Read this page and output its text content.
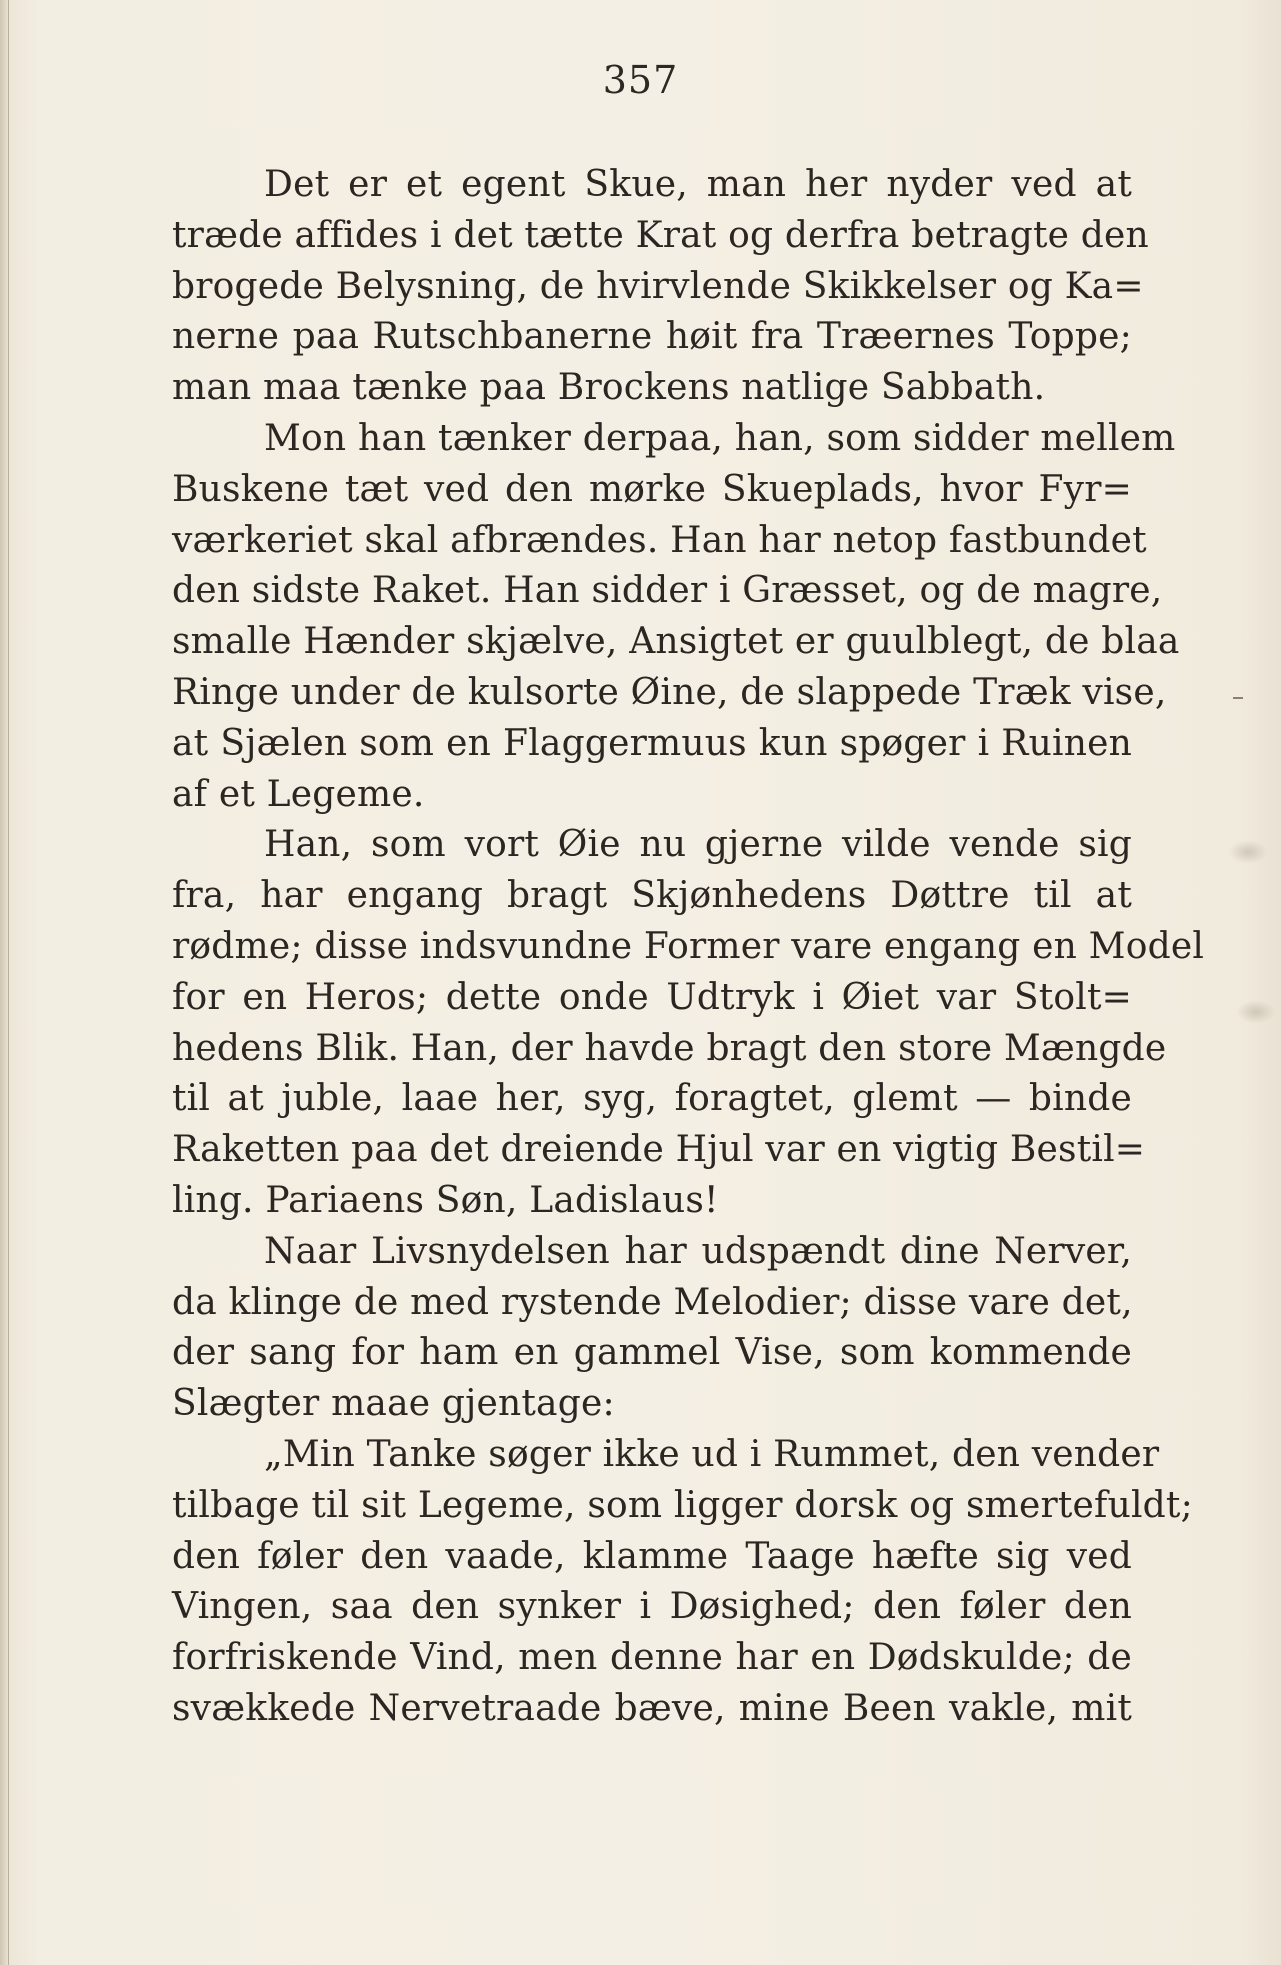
357
Det er et egent Skue, man her nyder ved at
træde affides i det tætte Krat og derfra betragte den
brogede Belysning, de hvirvlende Skikkelser og Ka=
nerne paa Rutschbanerne høit fra Træernes Toppe;
man maa tænke paa Brockens natlige Sabbath.
Mon han tænker derpaa, han, som sidder mellem
Buskene tæt ved den mørke Skueplads, hvor Fyr=
værkeriet skal afbrændes. Han har netop fastbundet
den sidste Raket. Han sidder i Græsset, og de magre,
smalle Hænder skjælve, Ansigtet er guulblegt, de blaa
Ringe under de kulsorte Øine, de slappede Træk vise,
at Sjælen som en Flaggermuus kun spøger i Ruinen
af et Legeme.
Han, som vort Øie nu gjerne vilde vende sig
fra, har engang bragt Skjønhedens Døttre til at
rødme; disse indsvundne Former vare engang en Model
for en Heros; dette onde Udtryk i Øiet var Stolt=
hedens Blik. Han, der havde bragt den store Mængde
til at juble, laae her, syg, foragtet, glemt — binde
Raketten paa det dreiende Hjul var en vigtig Bestil=
ling. Pariaens Søn, Ladislaus!
Naar Livsnydelsen har udspændt dine Nerver,
da klinge de med rystende Melodier; disse vare det,
der sang for ham en gammel Vise, som kommende
Slægter maae gjentage:
„Min Tanke søger ikke ud i Rummet, den vender
tilbage til sit Legeme, som ligger dorsk og smertefuldt;
den føler den vaade, klamme Taage hæfte sig ved
Vingen, saa den synker i Døsighed; den føler den
forfriskende Vind, men denne har en Dødskulde; de
svækkede Nervetraade bæve, mine Been vakle, mit
